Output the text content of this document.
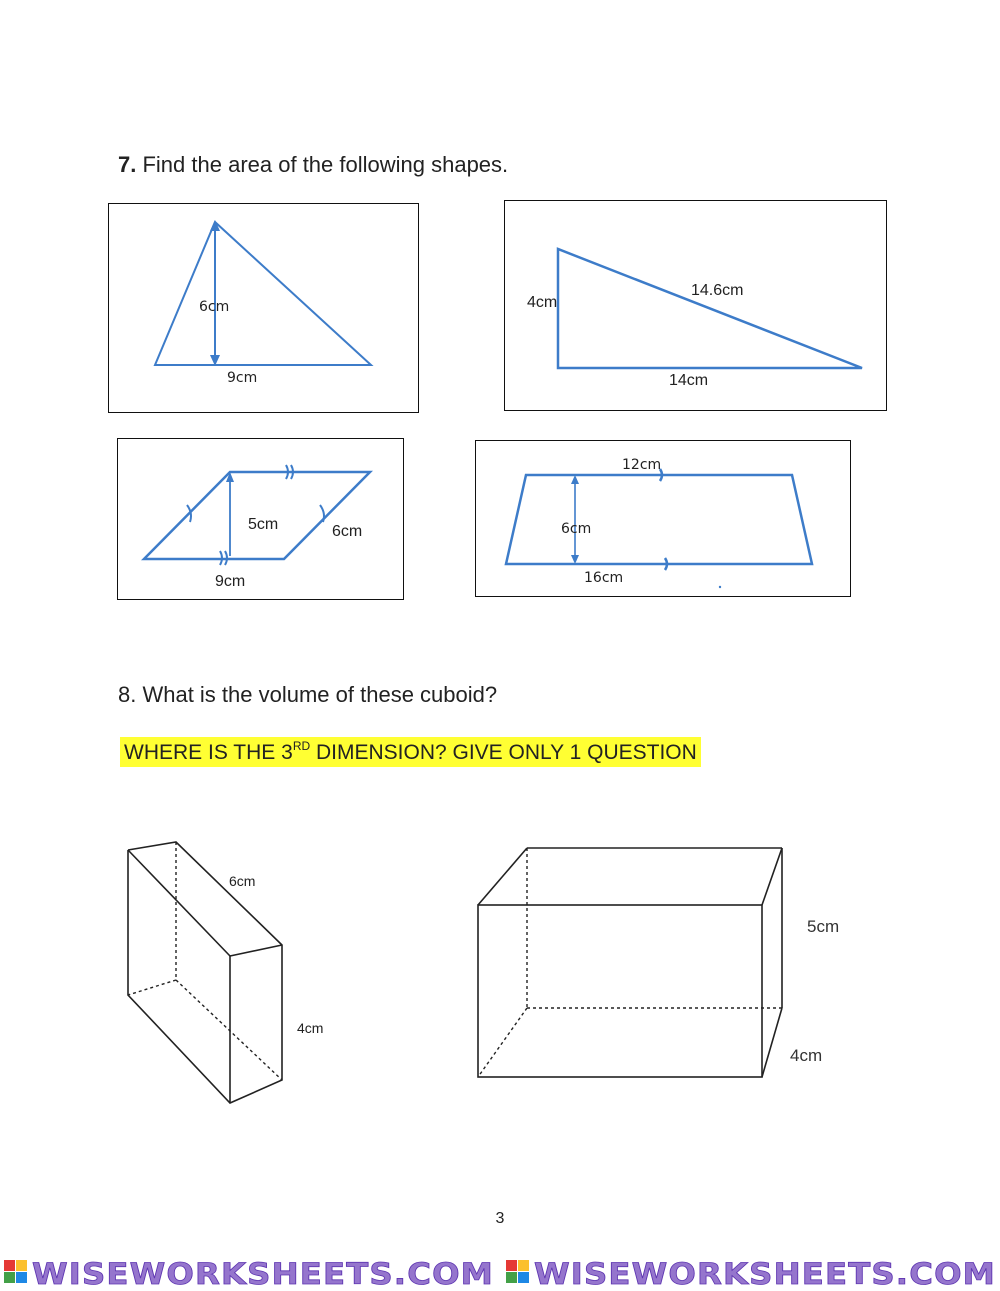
7. Find the area of the following shapes.
6cm
9cm
4cm
14.6cm
14cm
5cm	6cm
9cm
12cm
6cm
16cm
8. What is the volume of these cuboid?
WHERE IS THE 3RD DIMENSION? GIVE ONLY 1 QUESTION
6cm
4cm
5cm
4cm
3
WISEWORKSHEETS.COM WISEWORKSHEETS.COM
